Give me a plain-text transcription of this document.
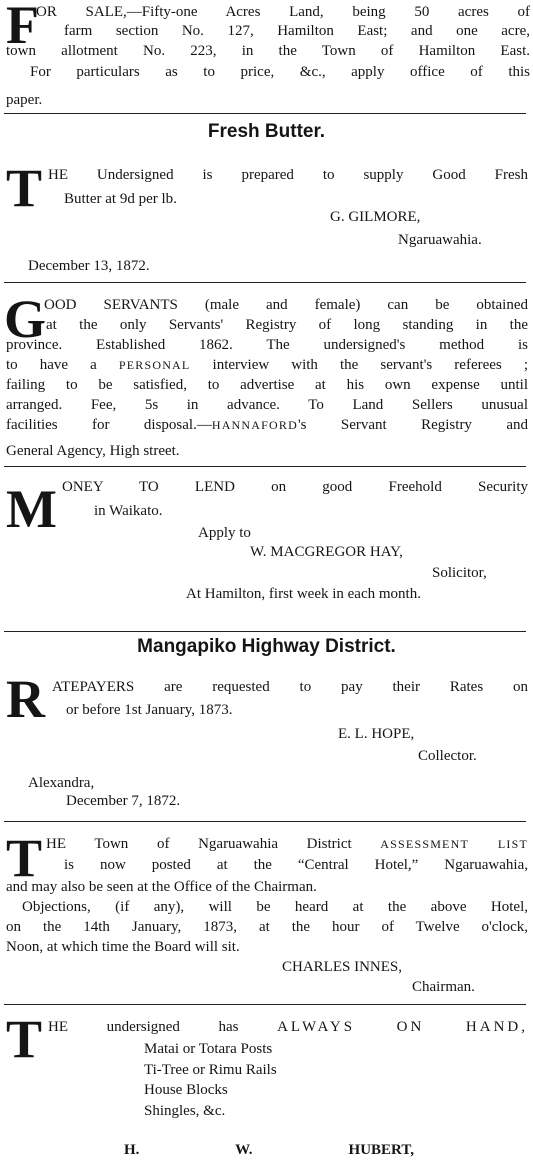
F
OR SALE,—Fifty-one Acres Land, being 50 acres of
farm section No. 127, Hamilton East; and one acre,
town allotment No. 223, in the Town of Hamilton East.
For particulars as to price, &c., apply office of this
paper.
Fresh Butter.
T HE Undersigned is prepared to supply Good Fresh
Butter at 9d per lb.
G. GILMORE,
Ngaruawahia.
December 13, 1872.
G
OOD SERVANTS (male and female) can be obtained
at the only Servants' Registry of long standing in the
province. Established 1862. The undersigned's method is
to have a PERSONAL interview with the servant's referees ;
failing to be satisfied, to advertise at his own expense until
arranged. Fee, 5s in advance. To Land Sellers unusual
facilities for disposal.—HANNAFORD's Servant Registry and
General Agency, High street.
M ONEY TO LEND on good Freehold Security
in Waikato.
Apply to
W. MACGREGOR HAY,
Solicitor,
At Hamilton, first week in each month.
Mangapiko Highway District.
R ATEPAYERS are requested to pay their Rates on
or before 1st January, 1873.
E. L. HOPE,
Collector.
Alexandra,
December 7, 1872.
T HE Town of Ngaruawahia District ASSESSMENT LIST
is now posted at the “Central Hotel,” Ngaruawahia,
and may also be seen at the Office of the Chairman.
Objections, (if any), will be heard at the above Hotel,
on the 14th January, 1873, at the hour of Twelve o'clock,
Noon, at which time the Board will sit.
CHARLES INNES,
Chairman.
T HE undersigned has ALWAYS ON HAND,
Matai or Totara Posts
Ti-Tree or Rimu Rails
House Blocks
Shingles, &c.
H. W. HUBERT,
